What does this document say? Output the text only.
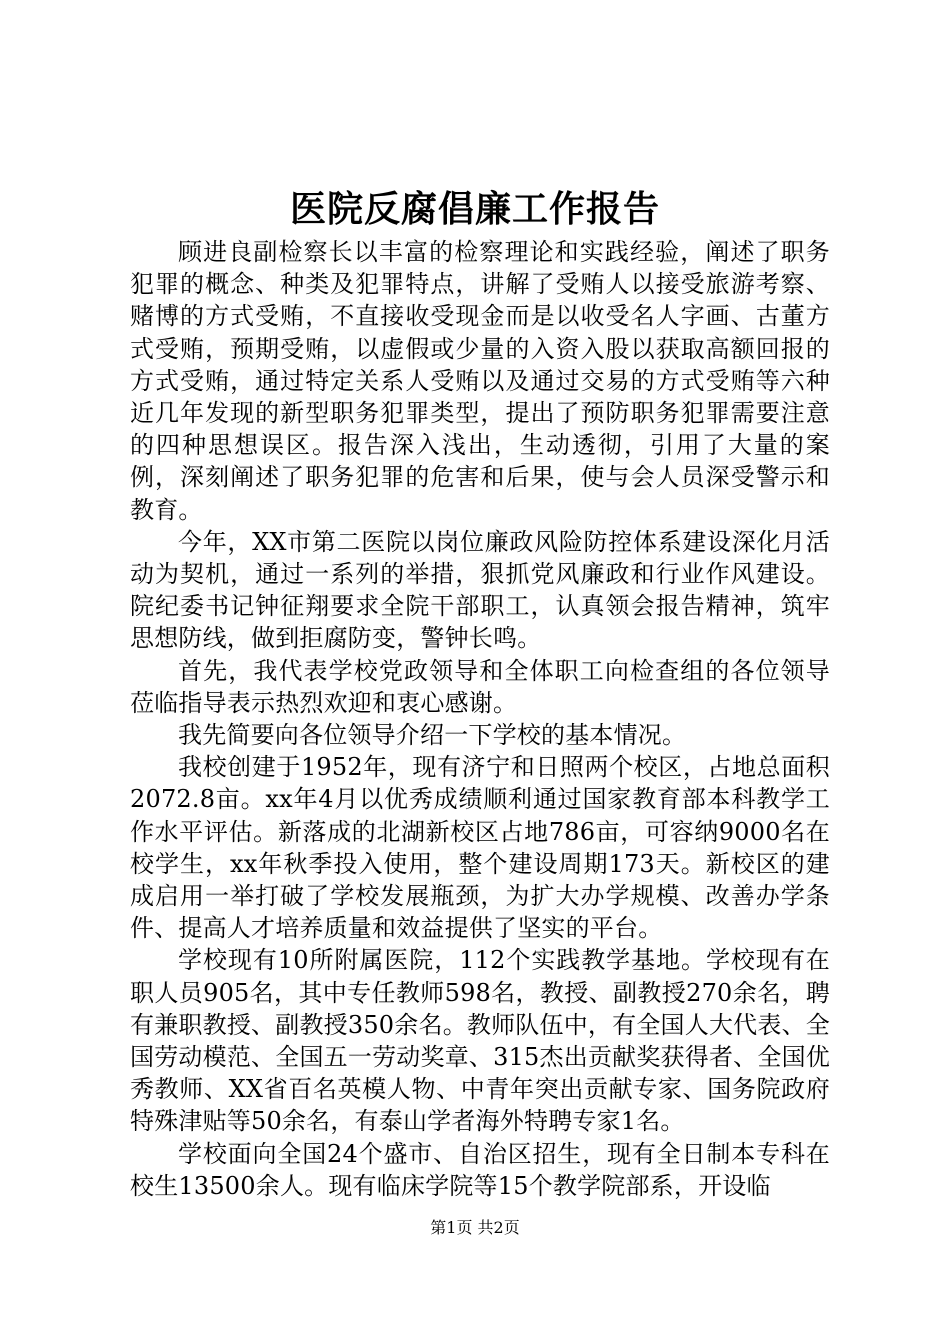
医院反腐倡廉工作报告

顾进良副检察长以丰富的检察理论和实践经验，阐述了职务犯罪的概念、种类及犯罪特点，讲解了受贿人以接受旅游考察、赌博的方式受贿，不直接收受现金而是以收受名人字画、古董方式受贿，预期受贿，以虚假或少量的入资入股以获取高额回报的方式受贿，通过特定关系人受贿以及通过交易的方式受贿等六种近几年发现的新型职务犯罪类型，提出了预防职务犯罪需要注意的四种思想误区。报告深入浅出，生动透彻，引用了大量的案例，深刻阐述了职务犯罪的危害和后果，使与会人员深受警示和教育。

今年，XX市第二医院以岗位廉政风险防控体系建设深化月活动为契机，通过一系列的举措，狠抓党风廉政和行业作风建设。院纪委书记钟征翔要求全院干部职工，认真领会报告精神，筑牢思想防线，做到拒腐防变，警钟长鸣。

首先，我代表学校党政领导和全体职工向检查组的各位领导莅临指导表示热烈欢迎和衷心感谢。

我先简要向各位领导介绍一下学校的基本情况。

我校创建于1952年，现有济宁和日照两个校区，占地总面积2072.8亩。xx年4月以优秀成绩顺利通过国家教育部本科教学工作水平评估。新落成的北湖新校区占地786亩，可容纳9000名在校学生，xx年秋季投入使用，整个建设周期173天。新校区的建成启用一举打破了学校发展瓶颈，为扩大办学规模、改善办学条件、提高人才培养质量和效益提供了坚实的平台。

学校现有10所附属医院，112个实践教学基地。学校现有在职人员905名，其中专任教师598名，教授、副教授270余名，聘有兼职教授、副教授350余名。教师队伍中，有全国人大代表、全国劳动模范、全国五一劳动奖章、315杰出贡献奖获得者、全国优秀教师、XX省百名英模人物、中青年突出贡献专家、国务院政府特殊津贴等50余名，有泰山学者海外特聘专家1名。

学校面向全国24个盛市、自治区招生，现有全日制本专科在校生13500余人。现有临床学院等15个教学院部系，开设临

第1页 共2页
